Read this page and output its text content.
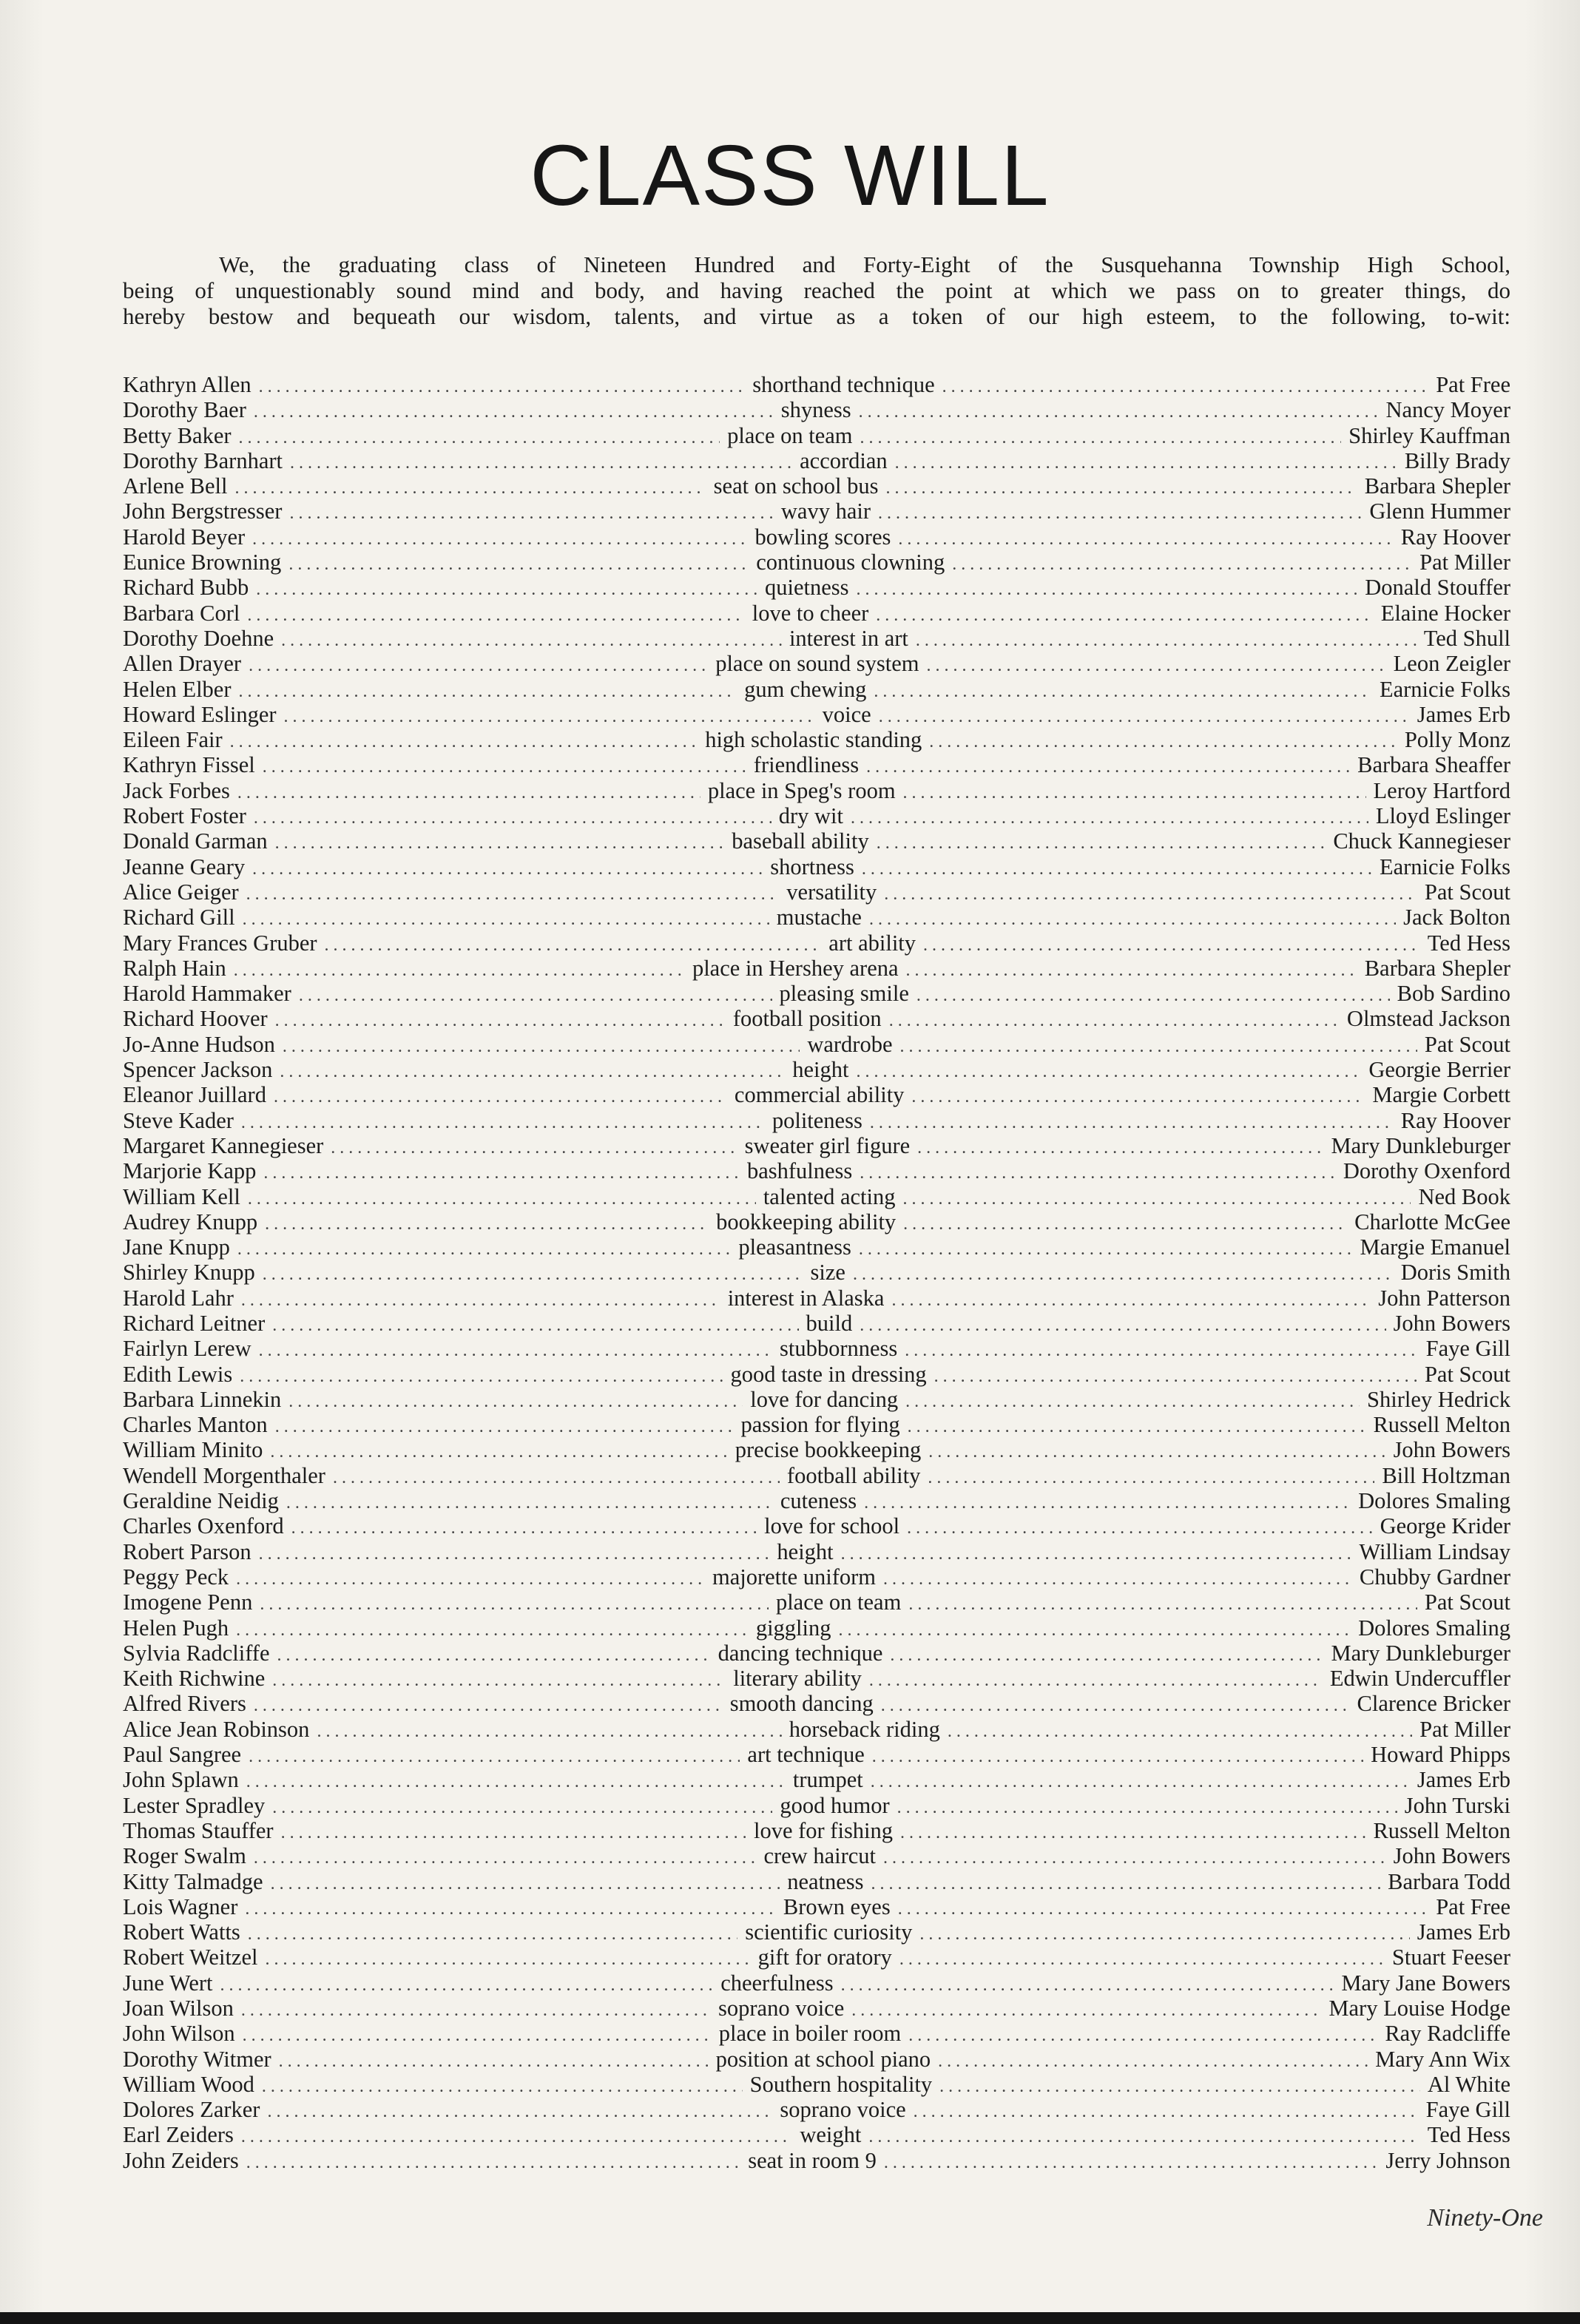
CLASS WILL

We, the graduating class of Nineteen Hundred and Forty-Eight of the Susquehanna Township High School,
being of unquestionably sound mind and body, and having reached the point at which we pass on to greater things, do
hereby bestow and bequeath our wisdom, talents, and virtue as a token of our high esteem, to the following, to-wit:

Kathryn Allen . . .	shorthand technique . . .	Pat Free
Dorothy Baer . . .	shyness . . .	Nancy Moyer
Betty Baker . . .	place on team . . .	Shirley Kauffman
Dorothy Barnhart . . .	accordian . . .	Billy Brady
Arlene Bell . . .	seat on school bus . . .	Barbara Shepler
John Bergstresser . . .	wavy hair . . .	Glenn Hummer
Harold Beyer . . .	bowling scores . . .	Ray Hoover
Eunice Browning . . .	continuous clowning . . .	Pat Miller
Richard Bubb . . .	quietness . . .	Donald Stouffer
Barbara Corl . . .	love to cheer . . .	Elaine Hocker
Dorothy Doehne . . .	interest in art . . .	Ted Shull
Allen Drayer . . .	place on sound system . . .	Leon Zeigler
Helen Elber . . .	gum chewing . . .	Earnicie Folks
Howard Eslinger . . .	voice . . .	James Erb
Eileen Fair . . .	high scholastic standing . . .	Polly Monz
Kathryn Fissel . . .	friendliness . . .	Barbara Sheaffer
Jack Forbes . . .	place in Speg's room . . .	Leroy Hartford
Robert Foster . . .	dry wit . . .	Lloyd Eslinger
Donald Garman . . .	baseball ability . . .	Chuck Kannegieser
Jeanne Geary . . .	shortness . . .	Earnicie Folks
Alice Geiger . . .	versatility . . .	Pat Scout
Richard Gill . . .	mustache . . .	Jack Bolton
Mary Frances Gruber . . .	art ability . . .	Ted Hess
Ralph Hain . . .	place in Hershey arena . . .	Barbara Shepler
Harold Hammaker . . .	pleasing smile . . .	Bob Sardino
Richard Hoover . . .	football position . . .	Olmstead Jackson
Jo-Anne Hudson . . .	wardrobe . . .	Pat Scout
Spencer Jackson . . .	height . . .	Georgie Berrier
Eleanor Juillard . . .	commercial ability . . .	Margie Corbett
Steve Kader . . .	politeness . . .	Ray Hoover
Margaret Kannegieser . . .	sweater girl figure . . .	Mary Dunkleburger
Marjorie Kapp . . .	bashfulness . . .	Dorothy Oxenford
William Kell . . .	talented acting . . .	Ned Book
Audrey Knupp . . .	bookkeeping ability . . .	Charlotte McGee
Jane Knupp . . .	pleasantness . . .	Margie Emanuel
Shirley Knupp . . .	size . . .	Doris Smith
Harold Lahr . . .	interest in Alaska . . .	John Patterson
Richard Leitner . . .	build . . .	John Bowers
Fairlyn Lerew . . .	stubbornness . . .	Faye Gill
Edith Lewis . . .	good taste in dressing . . .	Pat Scout
Barbara Linnekin . . .	love for dancing . . .	Shirley Hedrick
Charles Manton . . .	passion for flying . . .	Russell Melton
William Minito . . .	precise bookkeeping . . .	John Bowers
Wendell Morgenthaler . . .	football ability . . .	Bill Holtzman
Geraldine Neidig . . .	cuteness . . .	Dolores Smaling
Charles Oxenford . . .	love for school . . .	George Krider
Robert Parson . . .	height . . .	William Lindsay
Peggy Peck . . .	majorette uniform . . .	Chubby Gardner
Imogene Penn . . .	place on team . . .	Pat Scout
Helen Pugh . . .	giggling . . .	Dolores Smaling
Sylvia Radcliffe . . .	dancing technique . . .	Mary Dunkleburger
Keith Richwine . . .	literary ability . . .	Edwin Undercuffler
Alfred Rivers . . .	smooth dancing . . .	Clarence Bricker
Alice Jean Robinson . . .	horseback riding . . .	Pat Miller
Paul Sangree . . .	art technique . . .	Howard Phipps
John Splawn . . .	trumpet . . .	James Erb
Lester Spradley . . .	good humor . . .	John Turski
Thomas Stauffer . . .	love for fishing . . .	Russell Melton
Roger Swalm . . .	crew haircut . . .	John Bowers
Kitty Talmadge . . .	neatness . . .	Barbara Todd
Lois Wagner . . .	Brown eyes . . .	Pat Free
Robert Watts . . .	scientific curiosity . . .	James Erb
Robert Weitzel . . .	gift for oratory . . .	Stuart Feeser
June Wert . . .	cheerfulness . . .	Mary Jane Bowers
Joan Wilson . . .	soprano voice . . .	Mary Louise Hodge
John Wilson . . .	place in boiler room . . .	Ray Radcliffe
Dorothy Witmer . . .	position at school piano . . .	Mary Ann Wix
William Wood . . .	Southern hospitality . . .	Al White
Dolores Zarker . . .	soprano voice . . .	Faye Gill
Earl Zeiders . . .	weight . . .	Ted Hess
John Zeiders . . .	seat in room 9 . . .	Jerry Johnson

Ninety-One
